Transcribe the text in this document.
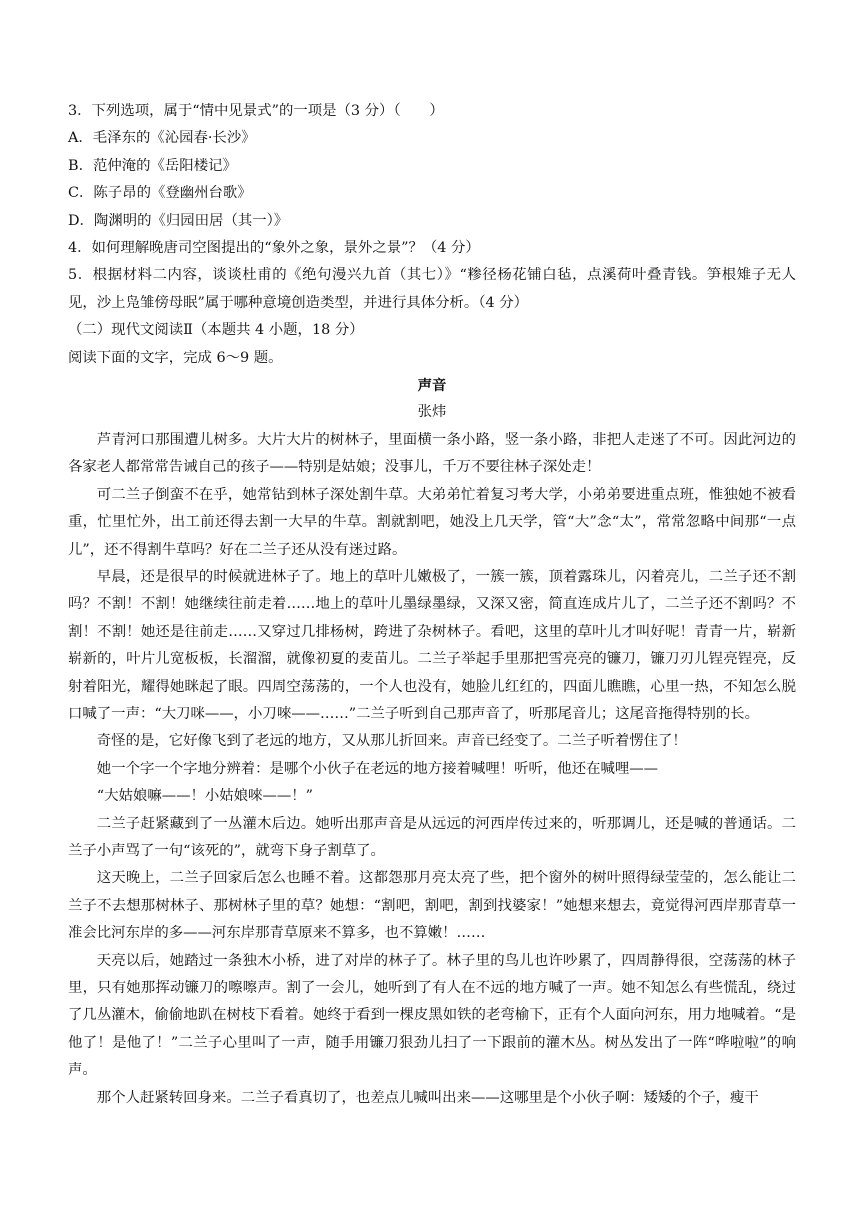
3．下列选项，属于“情中见景式”的一项是（3 分）（　　）

A．毛泽东的《沁园春·长沙》

B．范仲淹的《岳阳楼记》

C．陈子昂的《登幽州台歌》

D．陶渊明的《归园田居（其一）》

4．如何理解晚唐司空图提出的“象外之象，景外之景”？（4 分）

5．根据材料二内容，谈谈杜甫的《绝句漫兴九首（其七）》“糁径杨花铺白毡，点溪荷叶叠青钱。笋根雉子无人见，沙上凫雏傍母眠”属于哪种意境创造类型，并进行具体分析。（4 分）

（二）现代文阅读Ⅱ（本题共 4 小题，18 分）

阅读下面的文字，完成 6～9 题。

声音

张炜

芦青河口那围遭儿树多。大片大片的树林子，里面横一条小路，竖一条小路，非把人走迷了不可。因此河边的各家老人都常常告诫自己的孩子——特别是姑娘；没事儿，千万不要往林子深处走！

可二兰子倒蛮不在乎，她常钻到林子深处割牛草。大弟弟忙着复习考大学，小弟弟要进重点班，惟独她不被看重，忙里忙外，出工前还得去割一大早的牛草。割就割吧，她没上几天学，管“大”念“太”，常常忽略中间那“一点儿”，还不得割牛草吗？好在二兰子还从没有迷过路。

早晨，还是很早的时候就进林子了。地上的草叶儿嫩极了，一簇一簇，顶着露珠儿，闪着亮儿，二兰子还不割吗？不割！不割！她继续往前走着……地上的草叶儿墨绿墨绿，又深又密，简直连成片儿了，二兰子还不割吗？不割！不割！她还是往前走……又穿过几排杨树，跨进了杂树林子。看吧，这里的草叶儿才叫好呢！青青一片，崭新崭新的，叶片儿宽板板，长溜溜，就像初夏的麦苗儿。二兰子举起手里那把雪亮亮的镰刀，镰刀刃儿锃亮锃亮，反射着阳光，耀得她眯起了眼。四周空荡荡的，一个人也没有，她脸儿红红的，四面儿瞧瞧，心里一热，不知怎么脱口喊了一声：“大刀咪——，小刀唻——……”二兰子听到自己那声音了，听那尾音儿；这尾音拖得特别的长。

奇怪的是，它好像飞到了老远的地方，又从那儿折回来。声音已经变了。二兰子听着愣住了！

她一个字一个字地分辨着：是哪个小伙子在老远的地方接着喊哩！听听，他还在喊哩——

“大姑娘嘛——！小姑娘唻——！”

二兰子赶紧藏到了一丛灌木后边。她听出那声音是从远远的河西岸传过来的，听那调儿，还是喊的普通话。二兰子小声骂了一句“该死的”，就弯下身子割草了。

这天晚上，二兰子回家后怎么也睡不着。这都怨那月亮太亮了些，把个窗外的树叶照得绿莹莹的，怎么能让二兰子不去想那树林子、那树林子里的草？她想：“割吧，割吧，割到找婆家！”她想来想去，竟觉得河西岸那青草一准会比河东岸的多——河东岸那青草原来不算多，也不算嫩！……

天亮以后，她踏过一条独木小桥，进了对岸的林子了。林子里的鸟儿也许吵累了，四周静得很，空荡荡的林子里，只有她那挥动镰刀的嚓嚓声。割了一会儿，她听到了有人在不远的地方喊了一声。她不知怎么有些慌乱，绕过了几丛灌木，偷偷地趴在树枝下看着。她终于看到一棵皮黑如铁的老弯榆下，正有个人面向河东，用力地喊着。“是他了！是他了！”二兰子心里叫了一声，随手用镰刀狠劲儿扫了一下跟前的灌木丛。树丛发出了一阵“哗啦啦”的响声。

那个人赶紧转回身来。二兰子看真切了，也差点儿喊叫出来——这哪里是个小伙子啊：矮矮的个子，瘦干
